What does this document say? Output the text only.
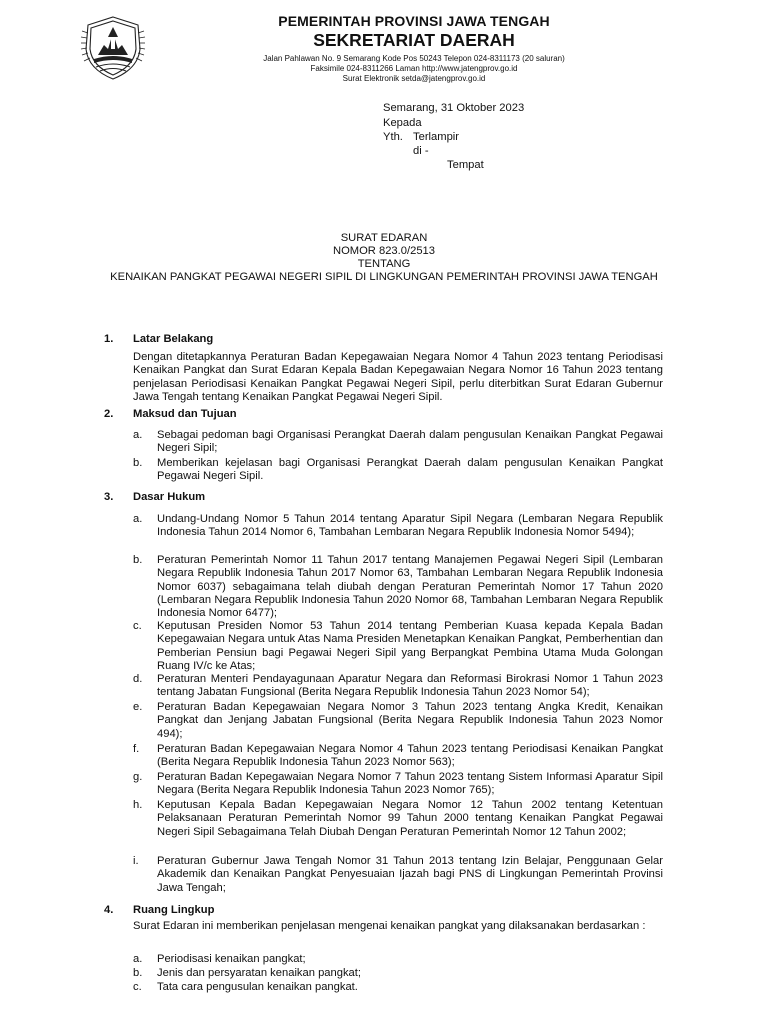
PEMERINTAH PROVINSI JAWA TENGAH
SEKRETARIAT DAERAH
Jalan Pahlawan No. 9 Semarang Kode Pos 50243 Telepon 024-8311173 (20 saluran)
Faksimile 024-8311266 Laman http://www.jatengprov.go.id
Surat Elektronik setda@jatengprov.go.id
Semarang, 31 Oktober 2023
Kepada
Yth. Terlampir
di -
Tempat
SURAT EDARAN
NOMOR 823.0/2513
TENTANG
KENAIKAN PANGKAT PEGAWAI NEGERI SIPIL DI LINGKUNGAN PEMERINTAH PROVINSI JAWA TENGAH
1. Latar Belakang
Dengan ditetapkannya Peraturan Badan Kepegawaian Negara Nomor 4 Tahun 2023 tentang Periodisasi Kenaikan Pangkat dan Surat Edaran Kepala Badan Kepegawaian Negara Nomor 16 Tahun 2023 tentang penjelasan Periodisasi Kenaikan Pangkat Pegawai Negeri Sipil, perlu diterbitkan Surat Edaran Gubernur Jawa Tengah tentang Kenaikan Pangkat Pegawai Negeri Sipil.
2. Maksud dan Tujuan
a.	Sebagai pedoman bagi Organisasi Perangkat Daerah dalam pengusulan Kenaikan Pangkat Pegawai Negeri Sipil;
b.	Memberikan kejelasan bagi Organisasi Perangkat Daerah dalam pengusulan Kenaikan Pangkat Pegawai Negeri Sipil.
3. Dasar Hukum
a.	Undang-Undang Nomor 5 Tahun 2014 tentang Aparatur Sipil Negara (Lembaran Negara Republik Indonesia Tahun 2014 Nomor 6, Tambahan Lembaran Negara Republik Indonesia Nomor 5494);
b.	Peraturan Pemerintah Nomor 11 Tahun 2017 tentang Manajemen Pegawai Negeri Sipil (Lembaran Negara Republik Indonesia Tahun 2017 Nomor 63, Tambahan Lembaran Negara Republik Indonesia Nomor 6037) sebagaimana telah diubah dengan Peraturan Pemerintah Nomor 17 Tahun 2020 (Lembaran Negara Republik Indonesia Tahun 2020 Nomor 68, Tambahan Lembaran Negara Republik Indonesia Nomor 6477);
c.	Keputusan Presiden Nomor 53 Tahun 2014 tentang Pemberian Kuasa kepada Kepala Badan Kepegawaian Negara untuk Atas Nama Presiden Menetapkan Kenaikan Pangkat, Pemberhentian dan Pemberian Pensiun bagi Pegawai Negeri Sipil yang Berpangkat Pembina Utama Muda Golongan Ruang IV/c ke Atas;
d.	Peraturan Menteri Pendayagunaan Aparatur Negara dan Reformasi Birokrasi Nomor 1 Tahun 2023 tentang Jabatan Fungsional (Berita Negara Republik Indonesia Tahun 2023 Nomor 54);
e.	Peraturan Badan Kepegawaian Negara Nomor 3 Tahun 2023 tentang Angka Kredit, Kenaikan Pangkat dan Jenjang Jabatan Fungsional (Berita Negara Republik Indonesia Tahun 2023 Nomor 494);
f.	Peraturan Badan Kepegawaian Negara Nomor 4 Tahun 2023 tentang Periodisasi Kenaikan Pangkat (Berita Negara Republik Indonesia Tahun 2023 Nomor 563);
g.	Peraturan Badan Kepegawaian Negara Nomor 7 Tahun 2023 tentang Sistem Informasi Aparatur Sipil Negara (Berita Negara Republik Indonesia Tahun 2023 Nomor 765);
h.	Keputusan Kepala Badan Kepegawaian Negara Nomor 12 Tahun 2002 tentang Ketentuan Pelaksanaan Peraturan Pemerintah Nomor 99 Tahun 2000 tentang Kenaikan Pangkat Pegawai Negeri Sipil Sebagaimana Telah Diubah Dengan Peraturan Pemerintah Nomor 12 Tahun 2002;
i.	Peraturan Gubernur Jawa Tengah Nomor 31 Tahun 2013 tentang Izin Belajar, Penggunaan Gelar Akademik dan Kenaikan Pangkat Penyesuaian Ijazah bagi PNS di Lingkungan Pemerintah Provinsi Jawa Tengah;
4. Ruang Lingkup
Surat Edaran ini memberikan penjelasan mengenai kenaikan pangkat yang dilaksanakan berdasarkan :
a.	Periodisasi kenaikan pangkat;
b.	Jenis dan persyaratan kenaikan pangkat;
c.	Tata cara pengusulan kenaikan pangkat.
